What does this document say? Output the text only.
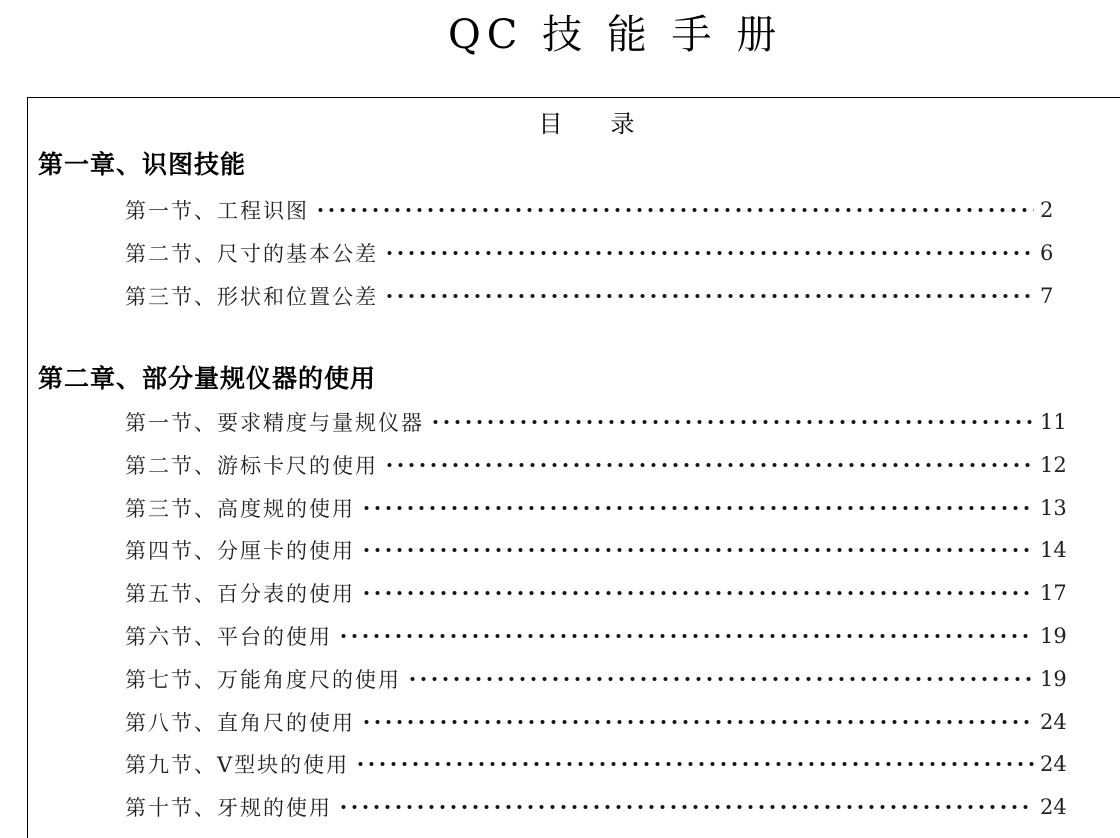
QC 技 能 手 册
目　　录
第一章、识图技能
第一节、工程识图	2
第二节、尺寸的基本公差	6
第三节、形状和位置公差	7
第二章、部分量规仪器的使用
第一节、要求精度与量规仪器	11
第二节、游标卡尺的使用	12
第三节、高度规的使用	13
第四节、分厘卡的使用	14
第五节、百分表的使用	17
第六节、平台的使用	19
第七节、万能角度尺的使用	19
第八节、直角尺的使用	24
第九节、V型块的使用	24
第十节、牙规的使用	24
